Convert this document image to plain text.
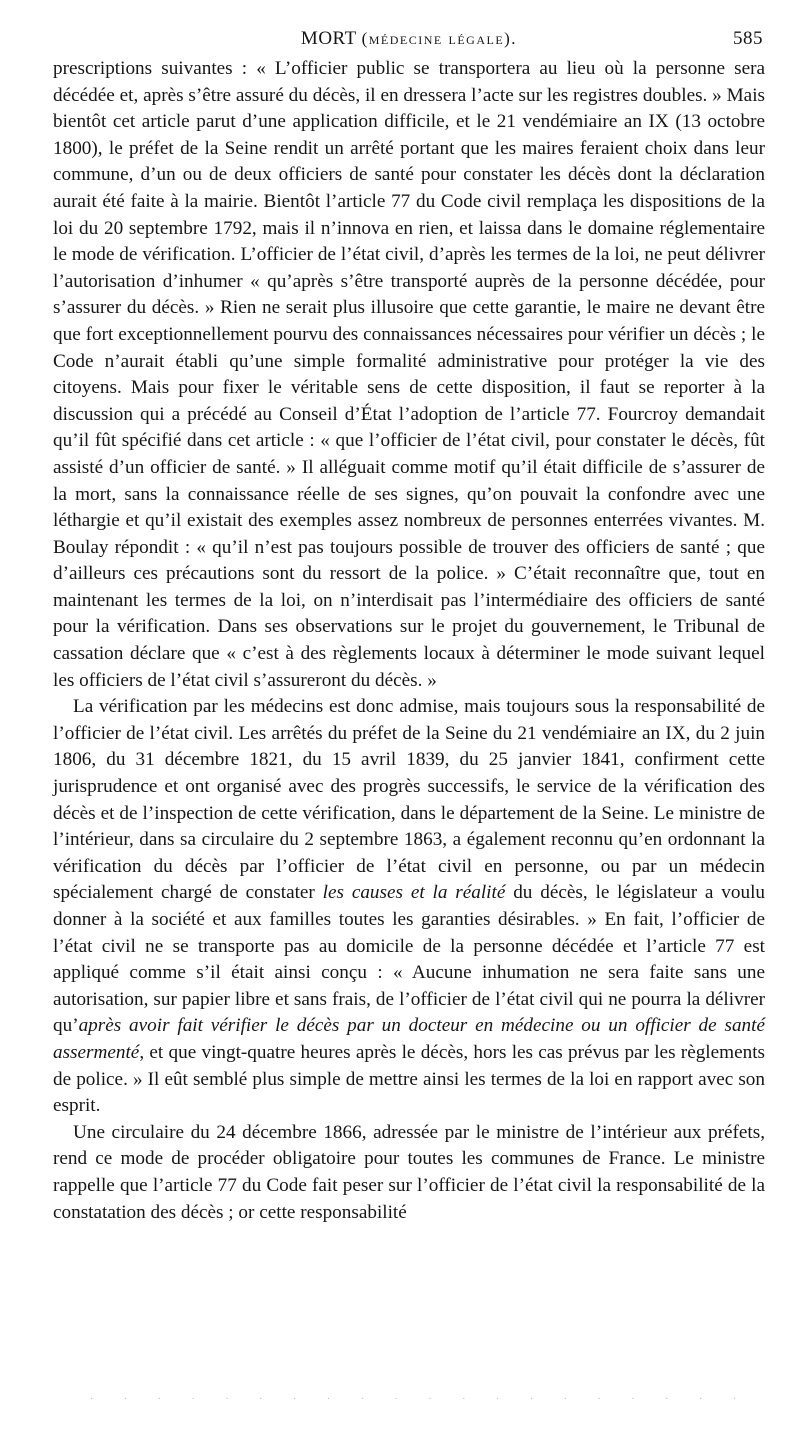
MORT (médecine légale).	585

prescriptions suivantes : « L’officier public se transportera au lieu où la personne sera décédée et, après s’être assuré du décès, il en dressera l’acte sur les registres doubles. » Mais bientôt cet article parut d’une application difficile, et le 21 vendémiaire an IX (13 octobre 1800), le préfet de la Seine rendit un arrêté portant que les maires feraient choix dans leur commune, d’un ou de deux officiers de santé pour constater les décès dont la déclaration aurait été faite à la mairie. Bientôt l’article 77 du Code civil remplaça les dispositions de la loi du 20 septembre 1792, mais il n’innova en rien, et laissa dans le domaine réglementaire le mode de vérification. L’officier de l’état civil, d’après les termes de la loi, ne peut délivrer l’autorisation d’inhumer « qu’après s’être transporté auprès de la personne décédée, pour s’assurer du décès. » Rien ne serait plus illusoire que cette garantie, le maire ne devant être que fort exceptionnellement pourvu des connaissances nécessaires pour vérifier un décès ; le Code n’aurait établi qu’une simple formalité administrative pour protéger la vie des citoyens. Mais pour fixer le véritable sens de cette disposition, il faut se reporter à la discussion qui a précédé au Conseil d’État l’adoption de l’article 77. Fourcroy demandait qu’il fût spécifié dans cet article : « que l’officier de l’état civil, pour constater le décès, fût assisté d’un officier de santé. » Il alléguait comme motif qu’il était difficile de s’assurer de la mort, sans la connaissance réelle de ses signes, qu’on pouvait la confondre avec une léthargie et qu’il existait des exemples assez nombreux de personnes enterrées vivantes. M. Boulay répondit : « qu’il n’est pas toujours possible de trouver des officiers de santé ; que d’ailleurs ces précautions sont du ressort de la police. » C’était reconnaître que, tout en maintenant les termes de la loi, on n’interdisait pas l’intermédiaire des officiers de santé pour la vérification. Dans ses observations sur le projet du gouvernement, le Tribunal de cassation déclare que « c’est à des règlements locaux à déterminer le mode suivant lequel les officiers de l’état civil s’assureront du décès. »

La vérification par les médecins est donc admise, mais toujours sous la responsabilité de l’officier de l’état civil. Les arrêtés du préfet de la Seine du 21 vendémiaire an IX, du 2 juin 1806, du 31 décembre 1821, du 15 avril 1839, du 25 janvier 1841, confirment cette jurisprudence et ont organisé avec des progrès successifs, le service de la vérification des décès et de l’inspection de cette vérification, dans le département de la Seine. Le ministre de l’intérieur, dans sa circulaire du 2 septembre 1863, a également reconnu qu’en ordonnant la vérification du décès par l’officier de l’état civil en personne, ou par un médecin spécialement chargé de constater les causes et la réalité du décès, le législateur a voulu donner à la société et aux familles toutes les garanties désirables. » En fait, l’officier de l’état civil ne se transporte pas au domicile de la personne décédée et l’article 77 est appliqué comme s’il était ainsi conçu : « Aucune inhumation ne sera faite sans une autorisation, sur papier libre et sans frais, de l’officier de l’état civil qui ne pourra la délivrer qu’après avoir fait vérifier le décès par un docteur en médecine ou un officier de santé assermenté, et que vingt-quatre heures après le décès, hors les cas prévus par les règlements de police. » Il eût semblé plus simple de mettre ainsi les termes de la loi en rapport avec son esprit.

Une circulaire du 24 décembre 1866, adressée par le ministre de l’intérieur aux préfets, rend ce mode de procéder obligatoire pour toutes les communes de France. Le ministre rappelle que l’article 77 du Code fait peser sur l’officier de l’état civil la responsabilité de la constatation des décès ; or cette responsabilité

· · · · · · · · · · · · · · · · · · · ·
